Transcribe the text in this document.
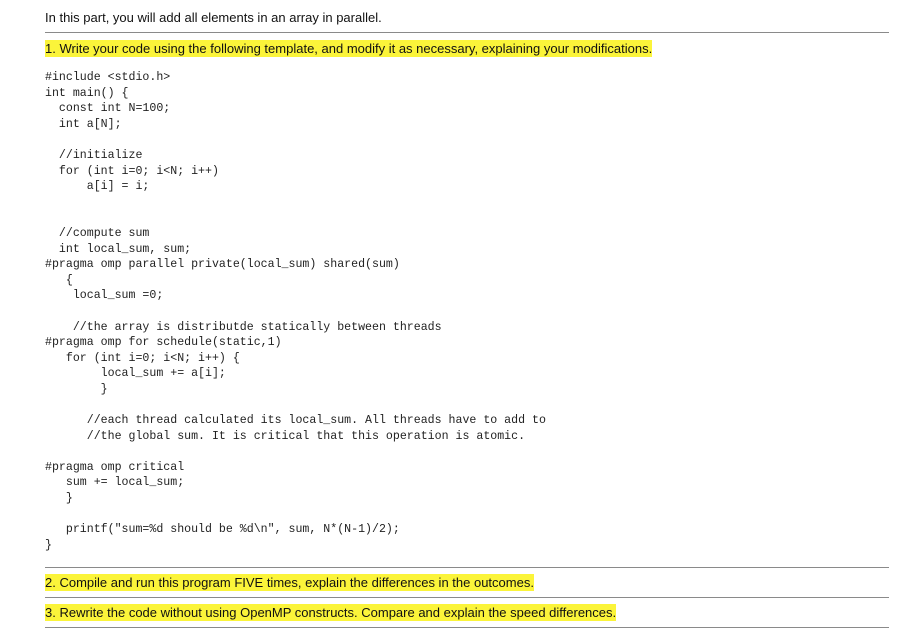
In this part, you will add all elements in an array in parallel.
1. Write your code using the following template, and modify it as necessary, explaining your modifications.
#include <stdio.h>
int main() {
const int N=100;
int a[N];
//initialize
for (int i=0; i<N; i++)
a[i] = i;
//compute sum
int local_sum, sum;
#pragma omp parallel private(local_sum) shared(sum)
{
local_sum =0;
//the array is distributde statically between threads
#pragma omp for schedule(static,1)
for (int i=0; i<N; i++) {
local_sum += a[i];
}
//each thread calculated its local_sum. All threads have to add to
//the global sum. It is critical that this operation is atomic.
#pragma omp critical
sum += local_sum;
}
printf("sum=%d should be %d\n", sum, N*(N-1)/2);
}
2. Compile and run this program FIVE times, explain the differences in the outcomes.
3. Rewrite the code without using OpenMP constructs. Compare and explain the speed differences.
